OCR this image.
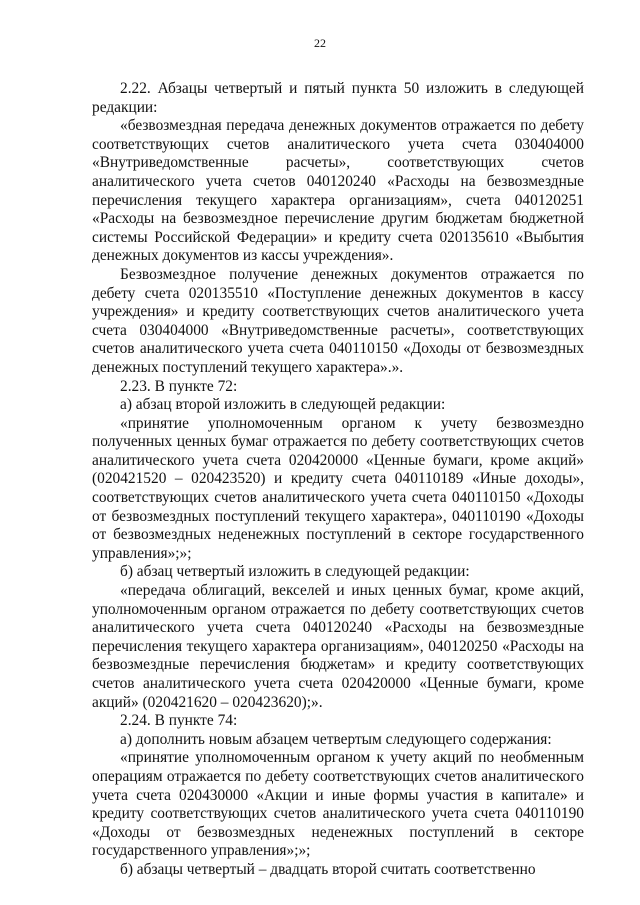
22

2.22. Абзацы четвертый и пятый пункта 50 изложить в следующей редакции:

«безвозмездная передача денежных документов отражается по дебету соответствующих счетов аналитического учета счета 030404000 «Внутриведомственные расчеты», соответствующих счетов аналитического учета счетов 040120240 «Расходы на безвозмездные перечисления текущего характера организациям», счета 040120251 «Расходы на безвозмездное перечисление другим бюджетам бюджетной системы Российской Федерации» и кредиту счета 020135610 «Выбытия денежных документов из кассы учреждения».

Безвозмездное получение денежных документов отражается по дебету счета 020135510 «Поступление денежных документов в кассу учреждения» и кредиту соответствующих счетов аналитического учета счета 030404000 «Внутриведомственные расчеты», соответствующих счетов аналитического учета счета 040110150 «Доходы от безвозмездных денежных поступлений текущего характера».».

2.23. В пункте 72:

а) абзац второй изложить в следующей редакции:

«принятие уполномоченным органом к учету безвозмездно полученных ценных бумаг отражается по дебету соответствующих счетов аналитического учета счета 020420000 «Ценные бумаги, кроме акций» (020421520 – 020423520) и кредиту счета 040110189 «Иные доходы», соответствующих счетов аналитического учета счета 040110150 «Доходы от безвозмездных поступлений текущего характера», 040110190 «Доходы от безвозмездных неденежных поступлений в секторе государственного управления»;»;

б) абзац четвертый изложить в следующей редакции:

«передача облигаций, векселей и иных ценных бумаг, кроме акций, уполномоченным органом отражается по дебету соответствующих счетов аналитического учета счета 040120240 «Расходы на безвозмездные перечисления текущего характера организациям», 040120250 «Расходы на безвозмездные перечисления бюджетам» и кредиту соответствующих счетов аналитического учета счета 020420000 «Ценные бумаги, кроме акций» (020421620 – 020423620);».

2.24. В пункте 74:

а) дополнить новым абзацем четвертым следующего содержания:

«принятие уполномоченным органом к учету акций по необменным операциям отражается по дебету соответствующих счетов аналитического учета счета 020430000 «Акции и иные формы участия в капитале» и кредиту соответствующих счетов аналитического учета счета 040110190 «Доходы от безвозмездных неденежных поступлений в секторе государственного управления»;»;

б) абзацы четвертый – двадцать второй считать соответственно
